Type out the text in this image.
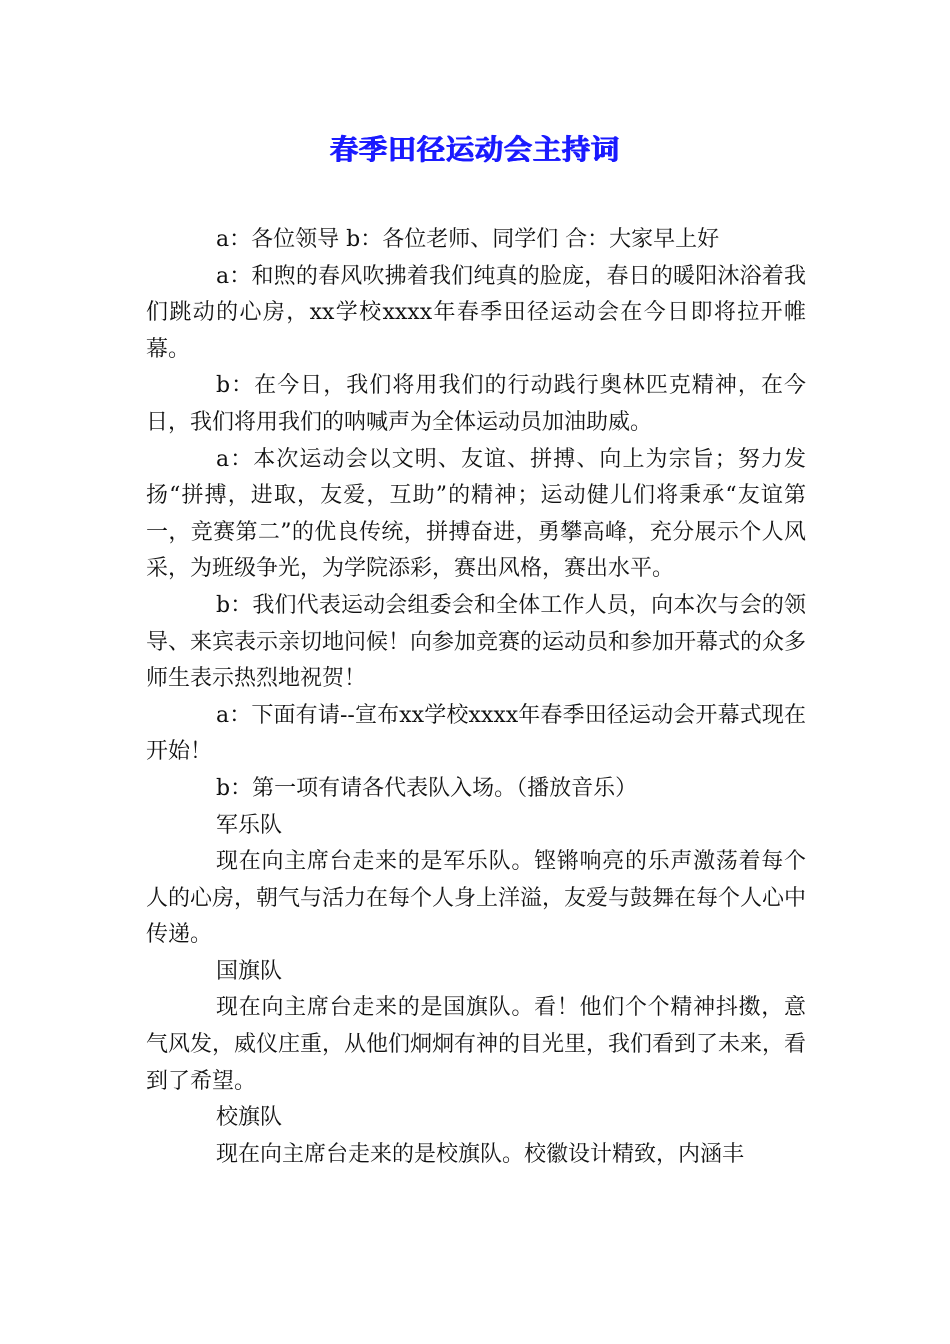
春季田径运动会主持词

a：各位领导 b：各位老师、同学们 合：大家早上好

a：和煦的春风吹拂着我们纯真的脸庞，春日的暖阳沐浴着我们跳动的心房，xx学校xxxx年春季田径运动会在今日即将拉开帷幕。

b：在今日，我们将用我们的行动践行奥林匹克精神，在今日，我们将用我们的呐喊声为全体运动员加油助威。

a：本次运动会以文明、友谊、拼搏、向上为宗旨；努力发扬“拼搏，进取，友爱，互助”的精神；运动健儿们将秉承“友谊第一，竞赛第二”的优良传统，拼搏奋进，勇攀高峰，充分展示个人风采，为班级争光，为学院添彩，赛出风格，赛出水平。

b：我们代表运动会组委会和全体工作人员，向本次与会的领导、来宾表示亲切地问候！向参加竞赛的运动员和参加开幕式的众多师生表示热烈地祝贺！

a：下面有请--宣布xx学校xxxx年春季田径运动会开幕式现在开始！

b：第一项有请各代表队入场。（播放音乐）

军乐队

现在向主席台走来的是军乐队。铿锵响亮的乐声激荡着每个人的心房，朝气与活力在每个人身上洋溢，友爱与鼓舞在每个人心中传递。

国旗队

现在向主席台走来的是国旗队。看！他们个个精神抖擞，意气风发，威仪庄重，从他们炯炯有神的目光里，我们看到了未来，看到了希望。

校旗队

现在向主席台走来的是校旗队。校徽设计精致，内涵丰
